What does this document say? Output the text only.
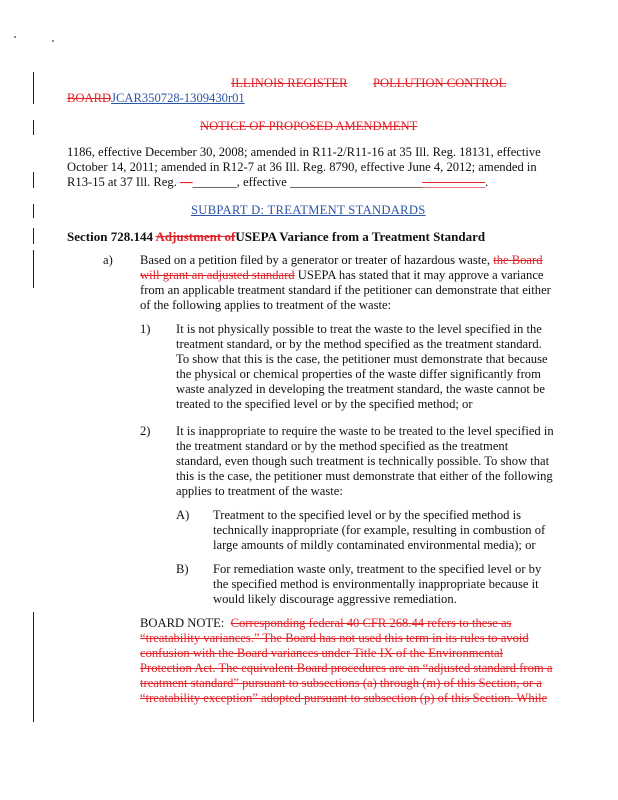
ILLINOIS REGISTER POLLUTION CONTROL
BOARDJCAR350728-1309430r01
NOTICE OF PROPOSED AMENDMENT
1186, effective December 30, 2008; amended in R11-2/R11-16 at 35 Ill. Reg. 18131, effective
October 14, 2011; amended in R12-7 at 36 Ill. Reg. 8790, effective June 4, 2012; amended in
R13-15 at 37 Ill. Reg. —_______, effective _______________________________.
SUBPART D: TREATMENT STANDARDS
Section 728.144 Adjustment ofUSEPA Variance from a Treatment Standard
a) Based on a petition filed by a generator or treater of hazardous waste, the Board
will grant an adjusted standard USEPA has stated that it may approve a variance
from an applicable treatment standard if the petitioner can demonstrate that either
of the following applies to treatment of the waste:
1) It is not physically possible to treat the waste to the level specified in the
treatment standard, or by the method specified as the treatment standard.
To show that this is the case, the petitioner must demonstrate that because
the physical or chemical properties of the waste differ significantly from
waste analyzed in developing the treatment standard, the waste cannot be
treated to the specified level or by the specified method; or
2) It is inappropriate to require the waste to be treated to the level specified in
the treatment standard or by the method specified as the treatment
standard, even though such treatment is technically possible. To show that
this is the case, the petitioner must demonstrate that either of the following
applies to treatment of the waste:
A) Treatment to the specified level or by the specified method is
technically inappropriate (for example, resulting in combustion of
large amounts of mildly contaminated environmental media); or
B) For remediation waste only, treatment to the specified level or by
the specified method is environmentally inappropriate because it
would likely discourage aggressive remediation.
BOARD NOTE: Corresponding federal 40 CFR 268.44 refers to these as
“treatability variances.” The Board has not used this term in its rules to avoid
confusion with the Board variances under Title IX of the Environmental
Protection Act. The equivalent Board procedures are an “adjusted standard from a
treatment standard” pursuant to subsections (a) through (m) of this Section, or a
“treatability exception” adopted pursuant to subsection (p) of this Section. While
